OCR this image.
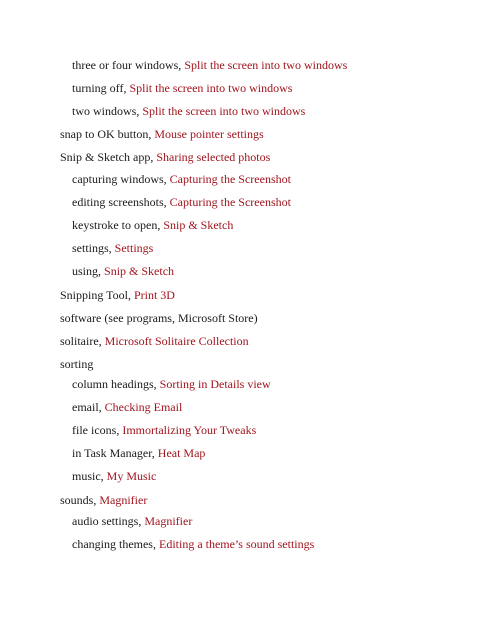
three or four windows, Split the screen into two windows
turning off, Split the screen into two windows
two windows, Split the screen into two windows
snap to OK button, Mouse pointer settings
Snip & Sketch app, Sharing selected photos
capturing windows, Capturing the Screenshot
editing screenshots, Capturing the Screenshot
keystroke to open, Snip & Sketch
settings, Settings
using, Snip & Sketch
Snipping Tool, Print 3D
software (see programs, Microsoft Store)
solitaire, Microsoft Solitaire Collection
sorting
column headings, Sorting in Details view
email, Checking Email
file icons, Immortalizing Your Tweaks
in Task Manager, Heat Map
music, My Music
sounds, Magnifier
audio settings, Magnifier
changing themes, Editing a theme’s sound settings
